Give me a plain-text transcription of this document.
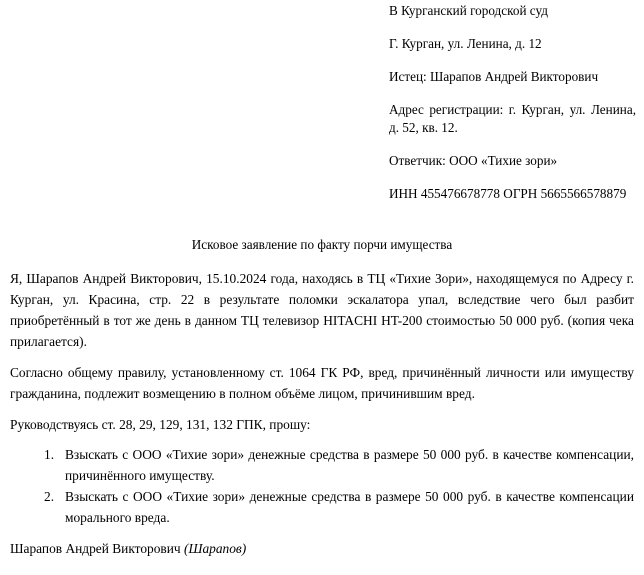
В Курганский городской суд

Г. Курган, ул. Ленина, д. 12

Истец: Шарапов Андрей Викторович

Адрес регистрации: г. Курган, ул. Ленина, д. 52, кв. 12.

Ответчик: ООО «Тихие зори»

ИНН 455476678778 ОГРН 5665566578879

Исковое заявление по факту порчи имущества

Я, Шарапов Андрей Викторович, 15.10.2024 года, находясь в ТЦ «Тихие Зори», находящемуся по Адресу г. Курган, ул. Красина, стр. 22 в результате поломки эскалатора упал, вследствие чего был разбит приобретённый в тот же день в данном ТЦ телевизор HITACHI HT-200 стоимостью 50 000 руб. (копия чека прилагается).

Согласно общему правилу, установленному ст. 1064 ГК РФ, вред, причинённый личности или имуществу гражданина, подлежит возмещению в полном объёме лицом, причинившим вред.

Руководствуясь ст. 28, 29, 129, 131, 132 ГПК, прошу:

Взыскать с ООО «Тихие зори» денежные средства в размере 50 000 руб. в качестве компенсации, причинённого имуществу.
Взыскать с ООО «Тихие зори» денежные средства в размере 50 000 руб. в качестве компенсации морального вреда.

Шарапов Андрей Викторович (Шарапов)
